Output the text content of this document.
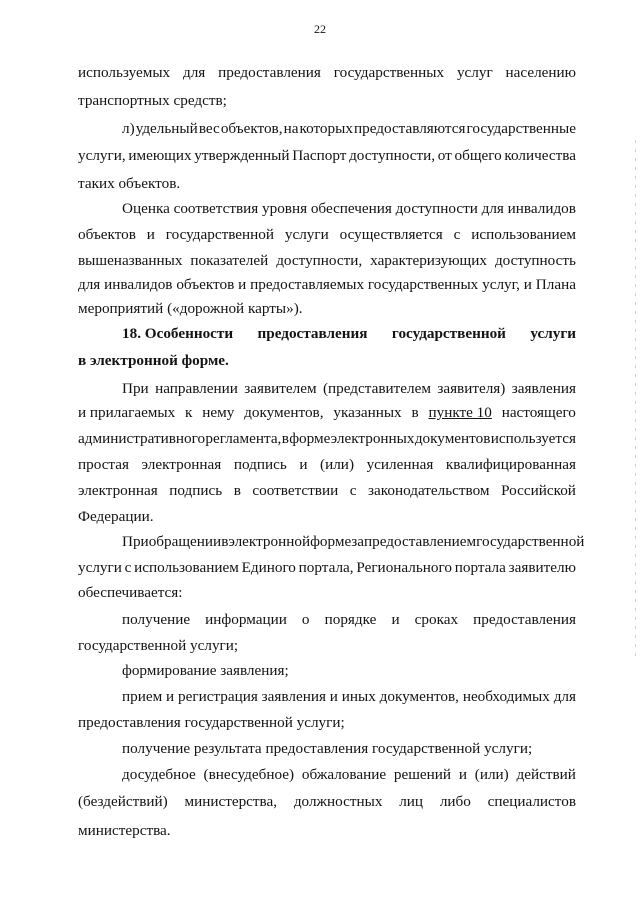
22
используемых для предоставления государственных услуг населению
транспортных средств;
л) удельный вес объектов, на которых предоставляются государственные
услуги, имеющих утвержденный Паспорт доступности, от общего количества
таких объектов.
Оценка соответствия уровня обеспечения доступности для инвалидов
объектов и государственной услуги осуществляется с использованием
вышеназванных показателей доступности, характеризующих доступность
для инвалидов объектов и предоставляемых государственных услуг, и Плана
мероприятий («дорожной карты»).
18. Особенности предоставления государственной услуги
в электронной форме.
При направлении заявителем (представителем заявителя) заявления
и прилагаемых к нему документов, указанных в пункте 10 настоящего
административного регламента, в форме электронных документов используется
простая электронная подпись и (или) усиленная квалифицированная
электронная подпись в соответствии с законодательством Российской
Федерации.
При обращении в электронной форме за предоставлением государственной
услуги с использованием Единого портала, Регионального портала заявителю
обеспечивается:
получение информации о порядке и сроках предоставления
государственной услуги;
формирование заявления;
прием и регистрация заявления и иных документов, необходимых для
предоставления государственной услуги;
получение результата предоставления государственной услуги;
досудебное (внесудебное) обжалование решений и (или) действий
(бездействий) министерства, должностных лиц либо специалистов
министерства.
